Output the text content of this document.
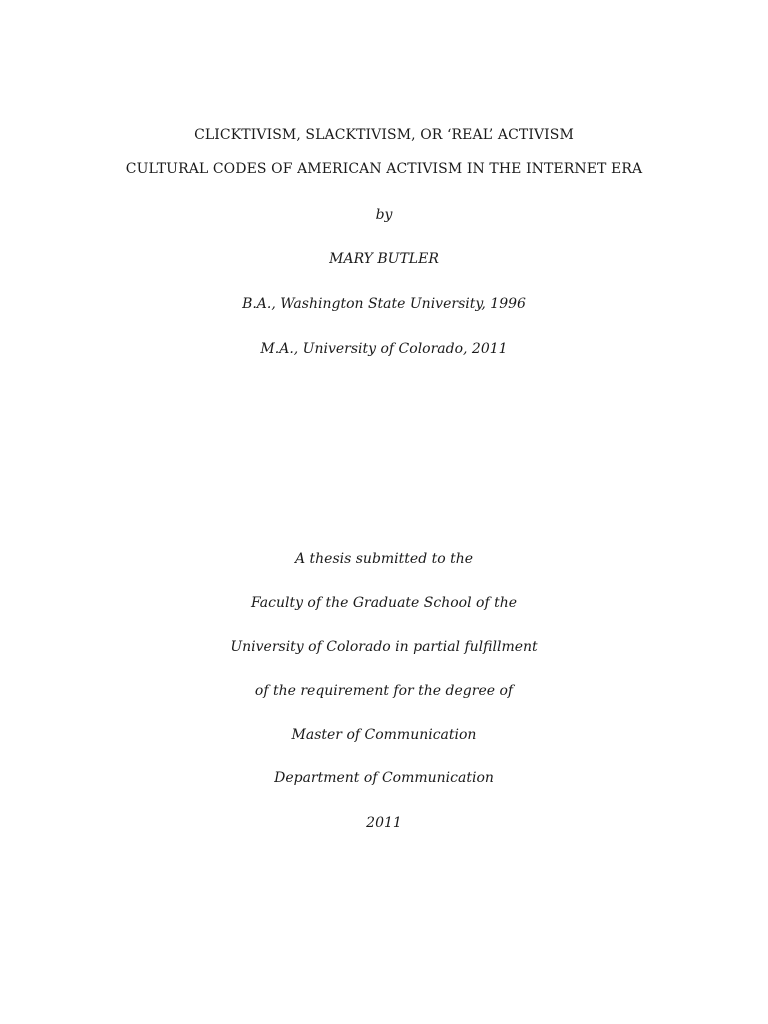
CLICKTIVISM, SLACKTIVISM, OR ‘REAL’ ACTIVISM
CULTURAL CODES OF AMERICAN ACTIVISM IN THE INTERNET ERA
by
MARY BUTLER
B.A., Washington State University, 1996
M.A., University of Colorado, 2011
A thesis submitted to the
Faculty of the Graduate School of the
University of Colorado in partial fulfillment
of the requirement for the degree of
Master of Communication
Department of Communication
2011
